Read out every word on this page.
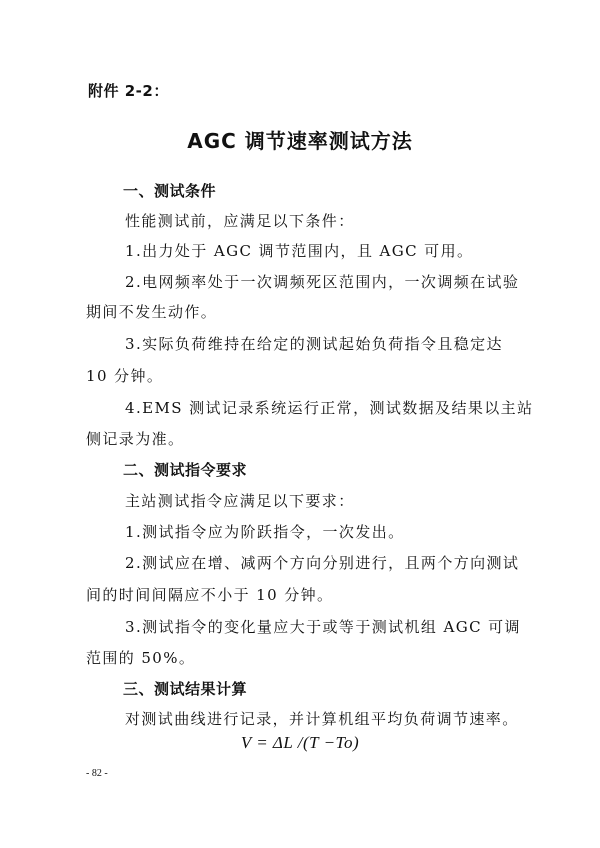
附件 2-2：
AGC 调节速率测试方法
一、测试条件
性能测试前，应满足以下条件：
1.出力处于 AGC 调节范围内，且 AGC 可用。
2.电网频率处于一次调频死区范围内，一次调频在试验
期间不发生动作。
3.实际负荷维持在给定的测试起始负荷指令且稳定达
10 分钟。
4.EMS 测试记录系统运行正常，测试数据及结果以主站
侧记录为准。
二、测试指令要求
主站测试指令应满足以下要求：
1.测试指令应为阶跃指令，一次发出。
2.测试应在增、减两个方向分别进行，且两个方向测试
间的时间间隔应不小于 10 分钟。
3.测试指令的变化量应大于或等于测试机组 AGC 可调
范围的 50%。
三、测试结果计算
对测试曲线进行记录，并计算机组平均负荷调节速率。
V = ΔL /(T −To)
- 82 -
